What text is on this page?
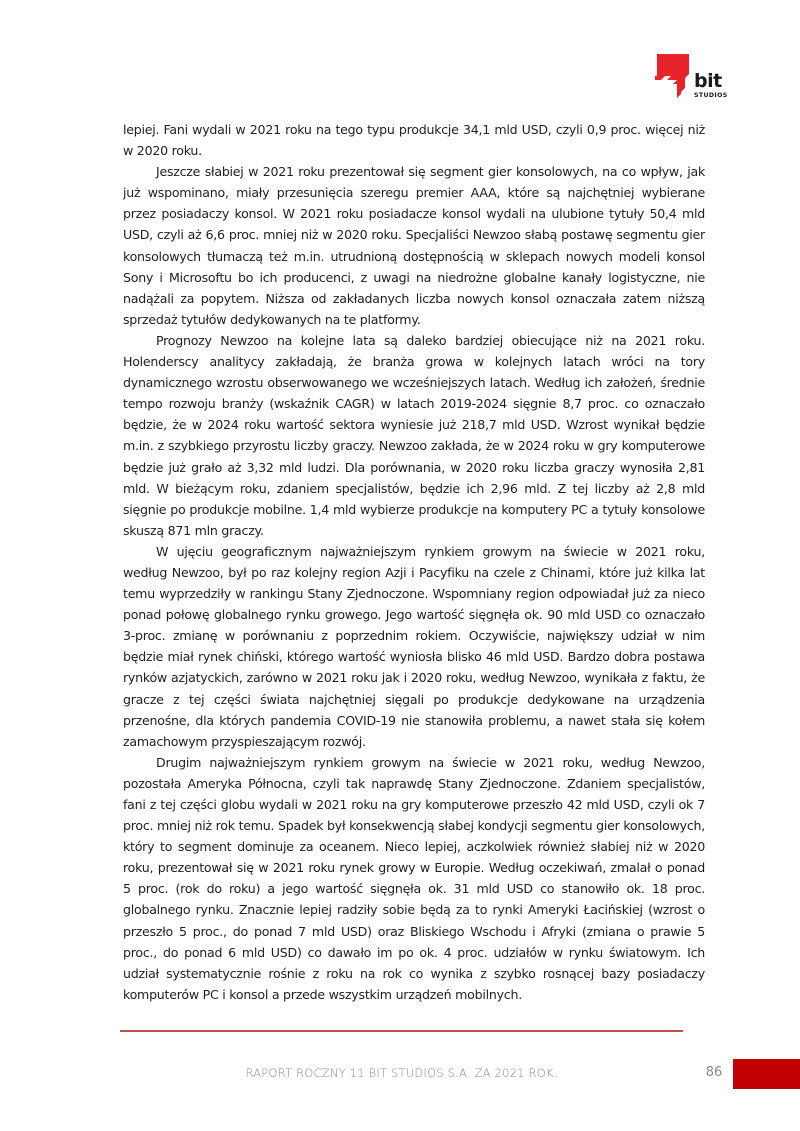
bit
STUDIOS

lepiej. Fani wydali w 2021 roku na tego typu produkcje 34,1 mld USD, czyli 0,9 proc. więcej niż w 2020 roku.

Jeszcze słabiej w 2021 roku prezentował się segment gier konsolowych, na co wpływ, jak już wspominano, miały przesunięcia szeregu premier AAA, które są najchętniej wybierane przez posiadaczy konsol. W 2021 roku posiadacze konsol wydali na ulubione tytuły 50,4 mld USD, czyli aż 6,6 proc. mniej niż w 2020 roku. Specjaliści Newzoo słabą postawę segmentu gier konsolowych tłumaczą też m.in. utrudnioną dostępnością w sklepach nowych modeli konsol Sony i Microsoftu bo ich producenci, z uwagi na niedrożne globalne kanały logistyczne, nie nadążali za popytem. Niższa od zakładanych liczba nowych konsol oznaczała zatem niższą sprzedaż tytułów dedykowanych na te platformy.

Prognozy Newzoo na kolejne lata są daleko bardziej obiecujące niż na 2021 roku. Holenderscy analitycy zakładają, że branża growa w kolejnych latach wróci na tory dynamicznego wzrostu obserwowanego we wcześniejszych latach. Według ich założeń, średnie tempo rozwoju branży (wskaźnik CAGR) w latach 2019-2024 sięgnie 8,7 proc. co oznaczało będzie, że w 2024 roku wartość sektora wyniesie już 218,7 mld USD. Wzrost wynikał będzie m.in. z szybkiego przyrostu liczby graczy. Newzoo zakłada, że w 2024 roku w gry komputerowe będzie już grało aż 3,32 mld ludzi. Dla porównania, w 2020 roku liczba graczy wynosiła 2,81 mld. W bieżącym roku, zdaniem specjalistów, będzie ich 2,96 mld. Z tej liczby aż 2,8 mld sięgnie po produkcje mobilne. 1,4 mld wybierze produkcje na komputery PC a tytuły konsolowe skuszą 871 mln graczy.

W ujęciu geograficznym najważniejszym rynkiem growym na świecie w 2021 roku, według Newzoo, był po raz kolejny region Azji i Pacyfiku na czele z Chinami, które już kilka lat temu wyprzedziły w rankingu Stany Zjednoczone. Wspomniany region odpowiadał już za nieco ponad połowę globalnego rynku growego. Jego wartość sięgnęła ok. 90 mld USD co oznaczało 3-proc. zmianę w porównaniu z poprzednim rokiem. Oczywiście, największy udział w nim będzie miał rynek chiński, którego wartość wyniosła blisko 46 mld USD. Bardzo dobra postawa rynków azjatyckich, zarówno w 2021 roku jak i 2020 roku, według Newzoo, wynikała z faktu, że gracze z tej części świata najchętniej sięgali po produkcje dedykowane na urządzenia przenośne, dla których pandemia COVID-19 nie stanowiła problemu, a nawet stała się kołem zamachowym przyspieszającym rozwój.

Drugim najważniejszym rynkiem growym na świecie w 2021 roku, według Newzoo, pozostała Ameryka Północna, czyli tak naprawdę Stany Zjednoczone. Zdaniem specjalistów, fani z tej części globu wydali w 2021 roku na gry komputerowe przeszło 42 mld USD, czyli ok 7 proc. mniej niż rok temu. Spadek był konsekwencją słabej kondycji segmentu gier konsolowych, który to segment dominuje za oceanem. Nieco lepiej, aczkolwiek również słabiej niż w 2020 roku, prezentował się w 2021 roku rynek growy w Europie. Według oczekiwań, zmalał o ponad 5 proc. (rok do roku) a jego wartość sięgnęła ok. 31 mld USD co stanowiło ok. 18 proc. globalnego rynku. Znacznie lepiej radziły sobie będą za to rynki Ameryki Łacińskiej (wzrost o przeszło 5 proc., do ponad 7 mld USD) oraz Bliskiego Wschodu i Afryki (zmiana o prawie 5 proc., do ponad 6 mld USD) co dawało im po ok. 4 proc. udziałów w rynku światowym. Ich udział systematycznie rośnie z roku na rok co wynika z szybko rosnącej bazy posiadaczy komputerów PC i konsol a przede wszystkim urządzeń mobilnych.

RAPORT ROCZNY 11 BIT STUDIOS S.A. ZA 2021 ROK.	86
